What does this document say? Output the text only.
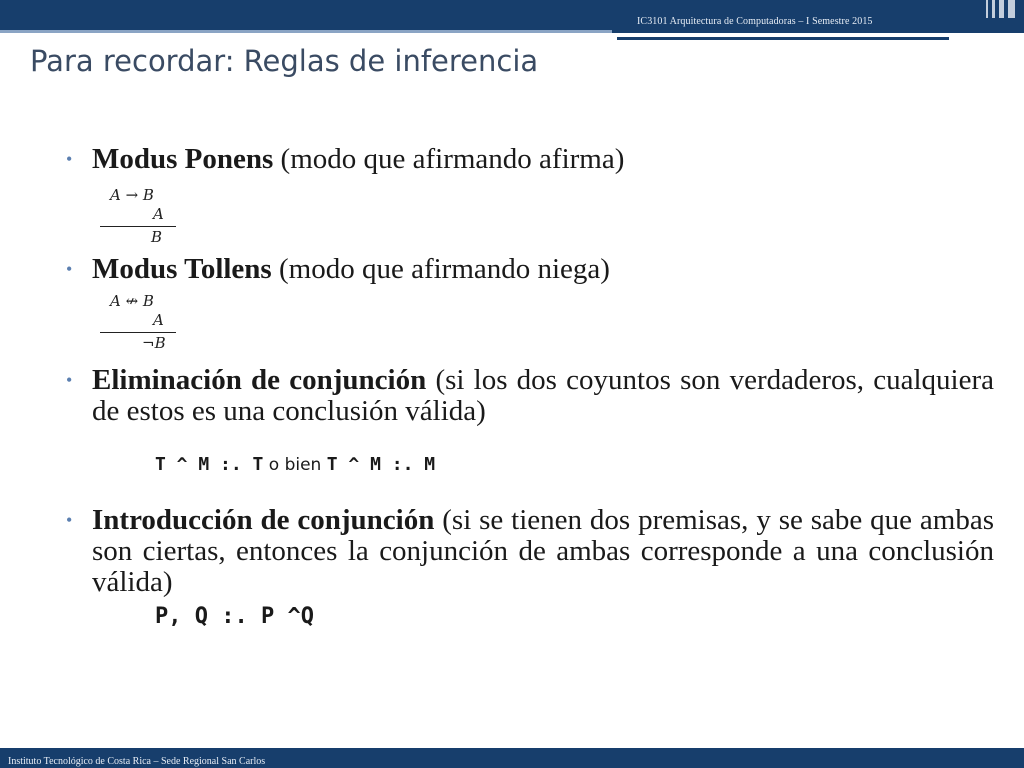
IC3101 Arquitectura de Computadoras – I Semestre 2015
Para recordar: Reglas de inferencia
• Modus Ponens (modo que afirmando afirma)
A → B
A
B
• Modus Tollens (modo que afirmando niega)
A ↮ B
A
¬B
• Eliminación de conjunción (si los dos coyuntos son verdaderos, cualquiera de estos es una conclusión válida)
T ^ M :. T o bien T ^ M :. M
• Introducción de conjunción (si se tienen dos premisas, y se sabe que ambas son ciertas, entonces la conjunción de ambas corresponde a una conclusión válida)
P, Q :. P ^Q
Instituto Tecnológico de Costa Rica – Sede Regional San Carlos
